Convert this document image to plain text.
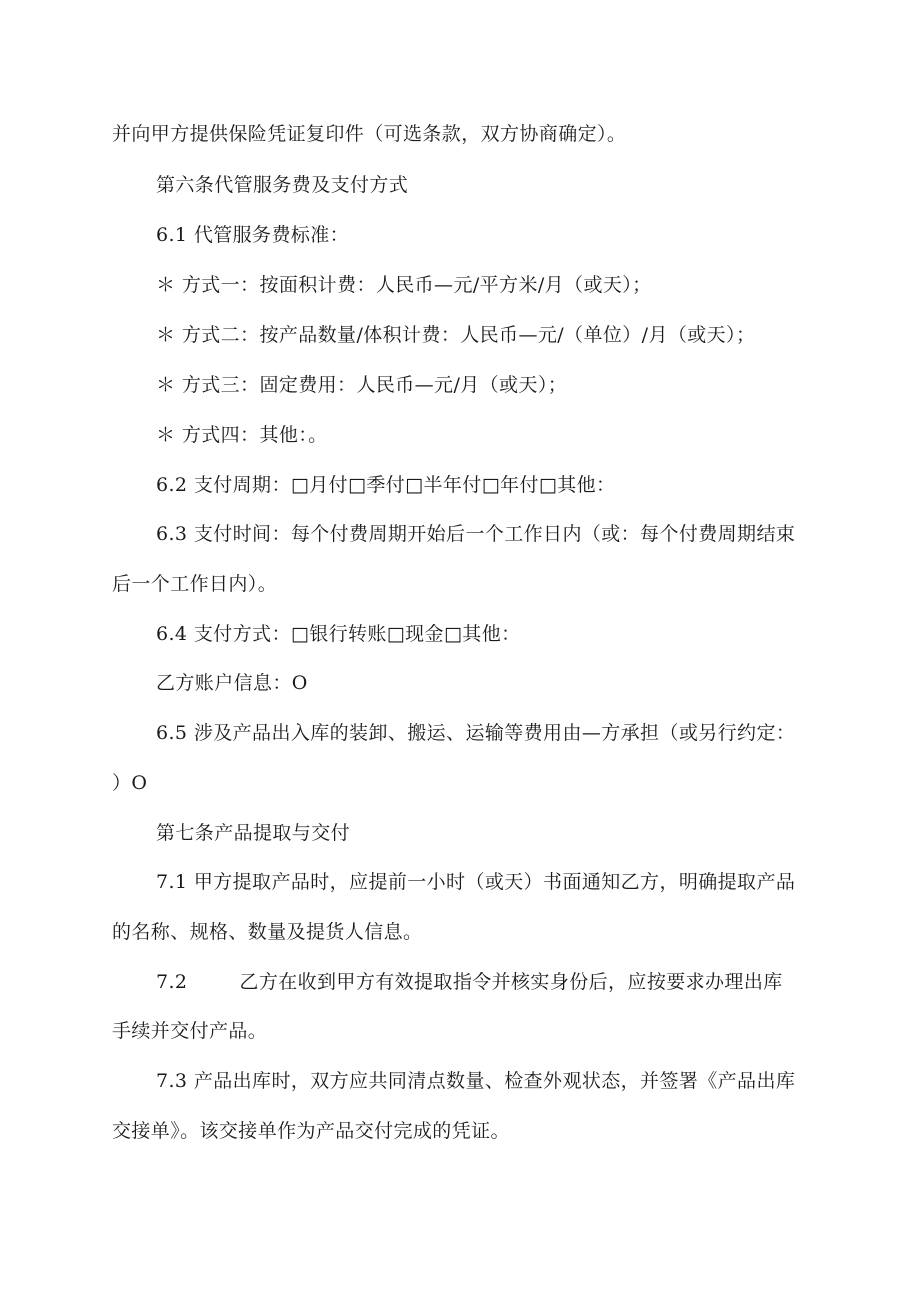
并向甲方提供保险凭证复印件（可选条款，双方协商确定）。
第六条代管服务费及支付方式
6.1 代管服务费标准：
＊ 方式一：按面积计费：人民币—元/平方米/月（或天）；
＊ 方式二：按产品数量/体积计费：人民币—元/（单位）/月（或天）；
＊ 方式三：固定费用：人民币—元/月（或天）；
＊ 方式四：其他：。
6.2 支付周期：□月付□季付□半年付□年付□其他：
6.3 支付时间：每个付费周期开始后一个工作日内（或：每个付费周期结束
后一个工作日内）。
6.4 支付方式：□银行转账□现金□其他：
乙方账户信息：O
6.5 涉及产品出入库的装卸、搬运、运输等费用由—方承担（或另行约定：
）O
第七条产品提取与交付
7.1 甲方提取产品时，应提前一小时（或天）书面通知乙方，明确提取产品
的名称、规格、数量及提货人信息。
7.2	乙方在收到甲方有效提取指令并核实身份后，应按要求办理出库
手续并交付产品。
7.3 产品出库时，双方应共同清点数量、检查外观状态，并签署《产品出库
交接单》。该交接单作为产品交付完成的凭证。
